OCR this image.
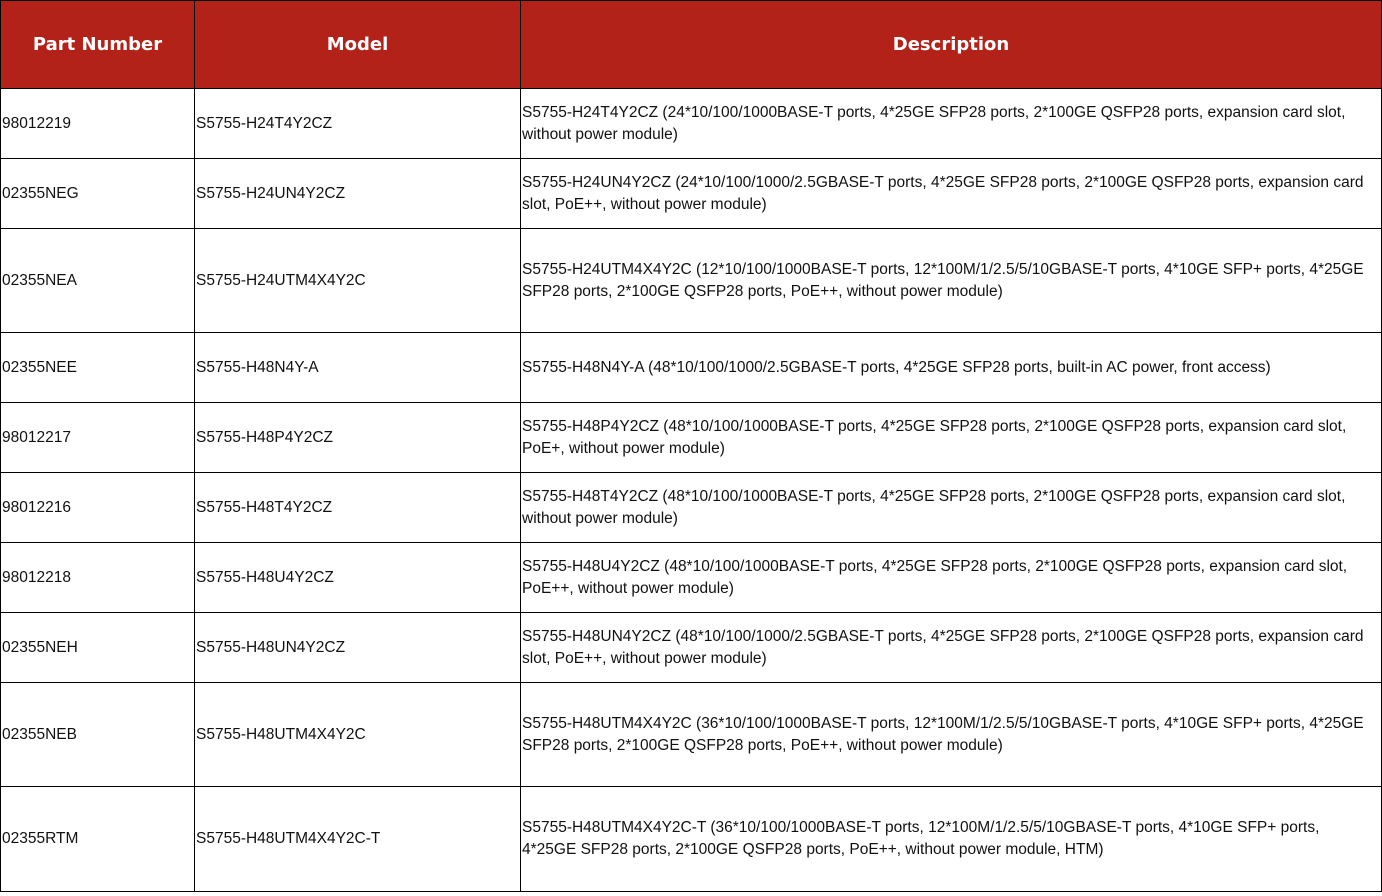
Part Number	Model	Description
98012219	S5755-H24T4Y2CZ	S5755-H24T4Y2CZ (24*10/100/1000BASE-T ports, 4*25GE SFP28 ports, 2*100GE QSFP28 ports, expansion card slot, without power module)
02355NEG	S5755-H24UN4Y2CZ	S5755-H24UN4Y2CZ (24*10/100/1000/2.5GBASE-T ports, 4*25GE SFP28 ports, 2*100GE QSFP28 ports, expansion card slot, PoE++, without power module)
02355NEA	S5755-H24UTM4X4Y2C	S5755-H24UTM4X4Y2C (12*10/100/1000BASE-T ports, 12*100M/1/2.5/5/10GBASE-T ports, 4*10GE SFP+ ports, 4*25GE SFP28 ports, 2*100GE QSFP28 ports, PoE++, without power module)
02355NEE	S5755-H48N4Y-A	S5755-H48N4Y-A (48*10/100/1000/2.5GBASE-T ports, 4*25GE SFP28 ports, built-in AC power, front access)
98012217	S5755-H48P4Y2CZ	S5755-H48P4Y2CZ (48*10/100/1000BASE-T ports, 4*25GE SFP28 ports, 2*100GE QSFP28 ports, expansion card slot, PoE+, without power module)
98012216	S5755-H48T4Y2CZ	S5755-H48T4Y2CZ (48*10/100/1000BASE-T ports, 4*25GE SFP28 ports, 2*100GE QSFP28 ports, expansion card slot, without power module)
98012218	S5755-H48U4Y2CZ	S5755-H48U4Y2CZ (48*10/100/1000BASE-T ports, 4*25GE SFP28 ports, 2*100GE QSFP28 ports, expansion card slot, PoE++, without power module)
02355NEH	S5755-H48UN4Y2CZ	S5755-H48UN4Y2CZ (48*10/100/1000/2.5GBASE-T ports, 4*25GE SFP28 ports, 2*100GE QSFP28 ports, expansion card slot, PoE++, without power module)
02355NEB	S5755-H48UTM4X4Y2C	S5755-H48UTM4X4Y2C (36*10/100/1000BASE-T ports, 12*100M/1/2.5/5/10GBASE-T ports, 4*10GE SFP+ ports, 4*25GE SFP28 ports, 2*100GE QSFP28 ports, PoE++, without power module)
02355RTM	S5755-H48UTM4X4Y2C-T	S5755-H48UTM4X4Y2C-T (36*10/100/1000BASE-T ports, 12*100M/1/2.5/5/10GBASE-T ports, 4*10GE SFP+ ports, 4*25GE SFP28 ports, 2*100GE QSFP28 ports, PoE++, without power module, HTM)
